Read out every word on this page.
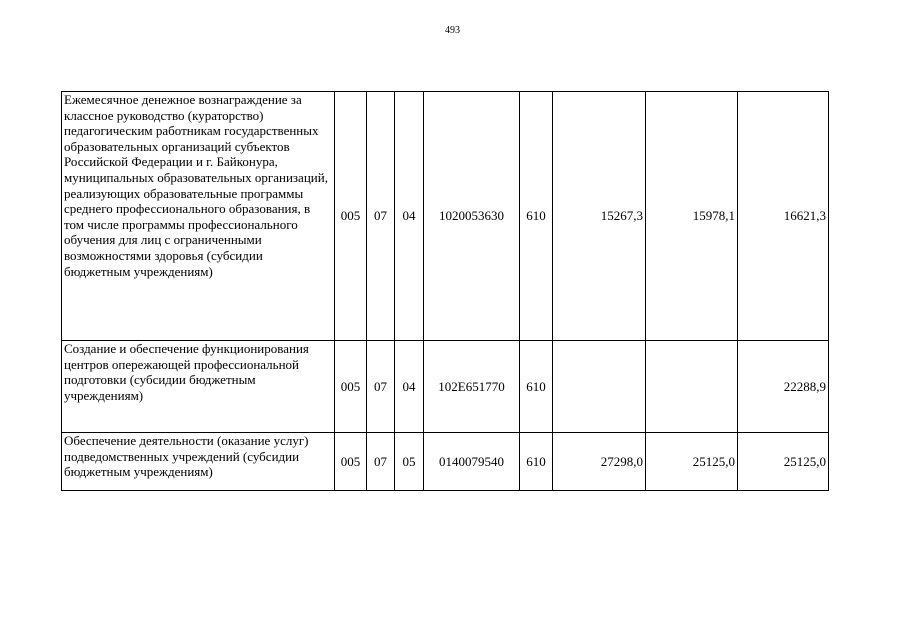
493
Ежемесячное денежное вознаграждение за классное руководство (кураторство) педагогическим работникам государственных образовательных организаций субъектов Российской Федерации и г. Байконура, муниципальных образовательных организаций, реализующих образовательные программы среднего профессионального образования, в том числе программы профессионального обучения для лиц с ограниченными возможностями здоровья (субсидии бюджетным учреждениям)	005	07	04	1020053630	610	15267,3	15978,1	16621,3
Создание и обеспечение функционирования центров опережающей профессиональной подготовки (субсидии бюджетным учреждениям)	005	07	04	102E651770	610			22288,9
Обеспечение деятельности (оказание услуг) подведомственных учреждений (субсидии бюджетным учреждениям)	005	07	05	0140079540	610	27298,0	25125,0	25125,0
